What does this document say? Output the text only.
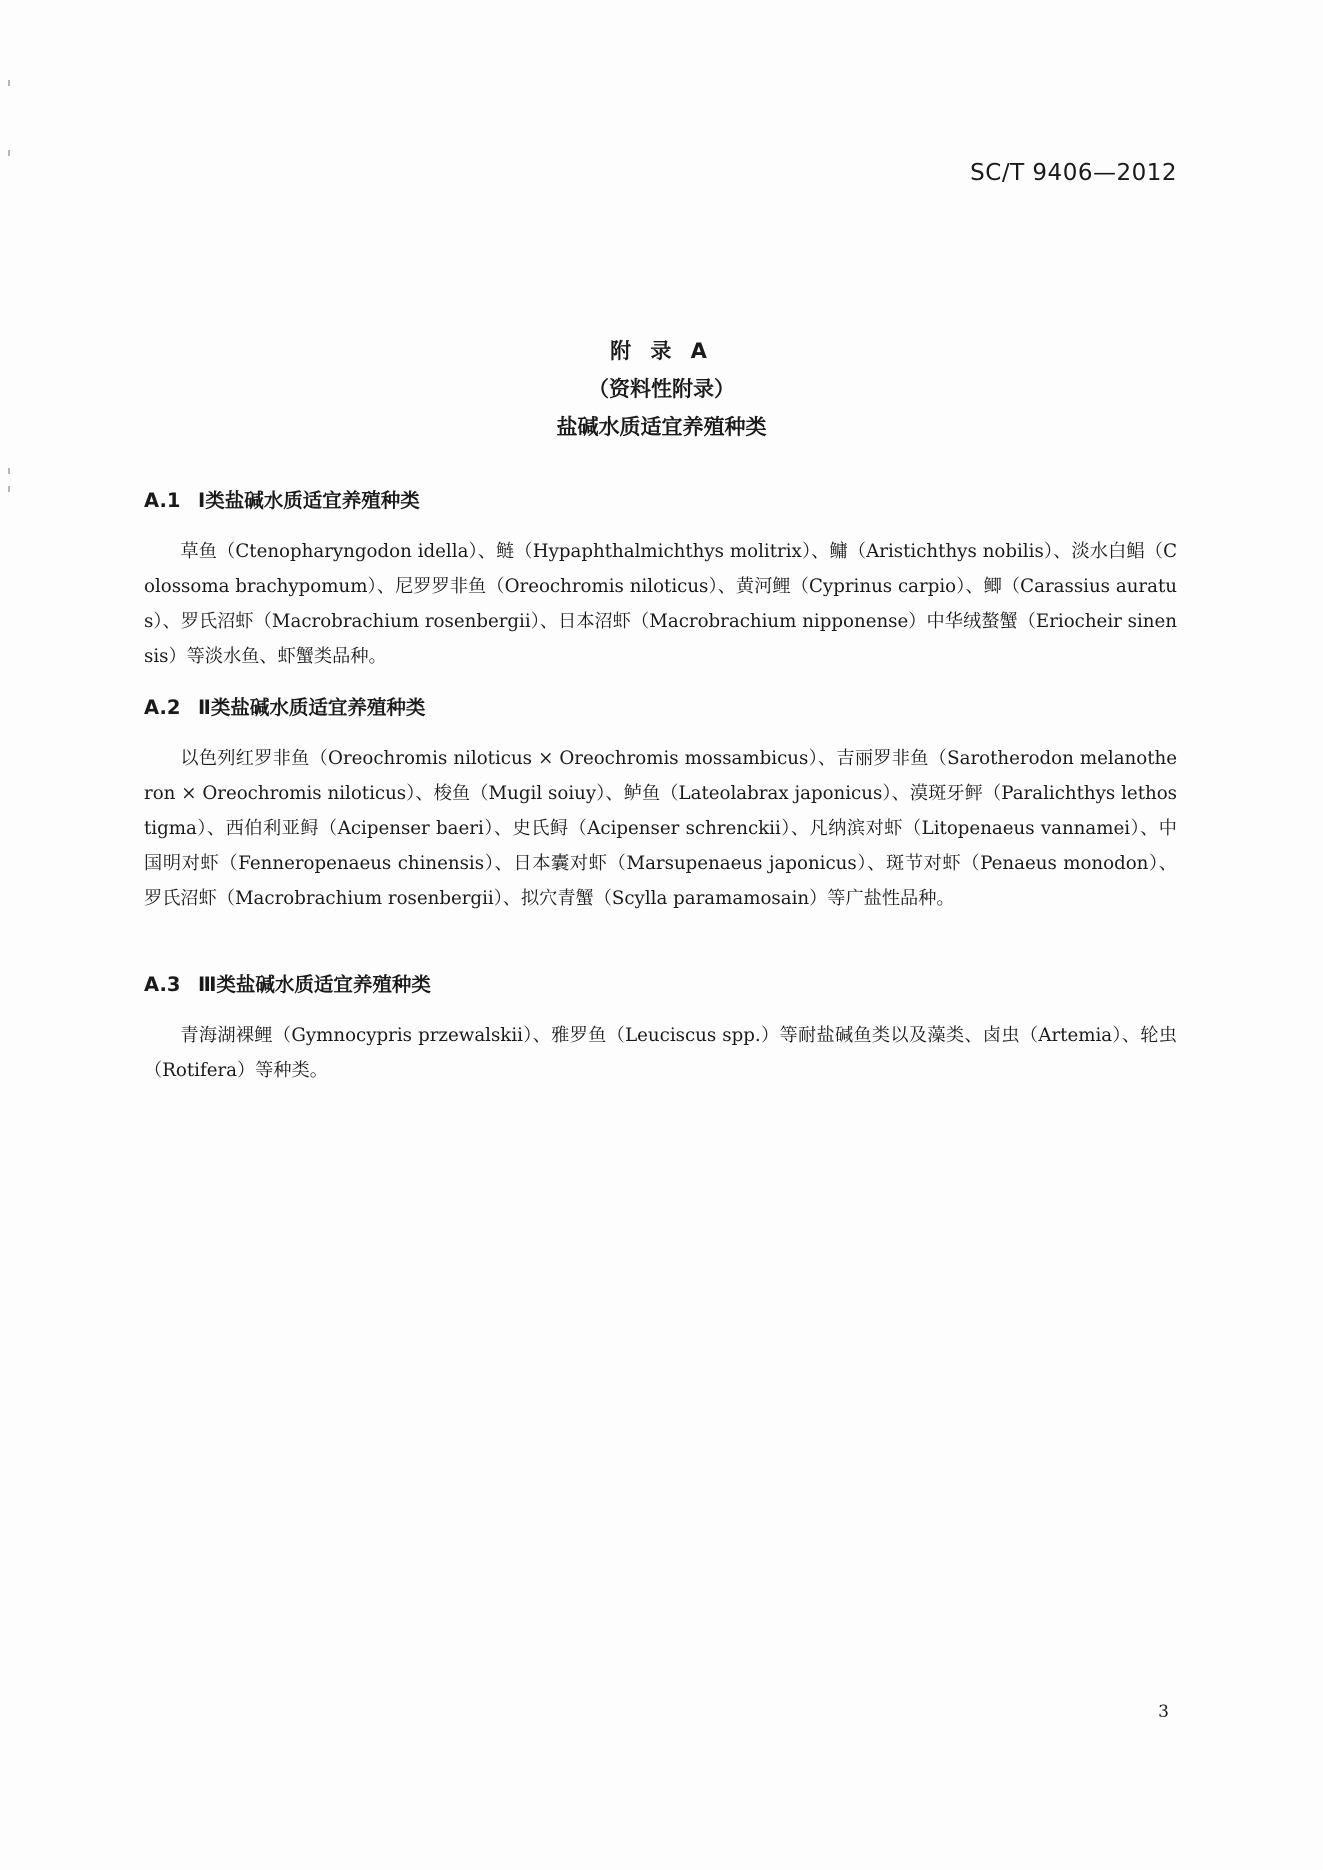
SC/T 9406—2012
附 录 A
（资料性附录）
盐碱水质适宜养殖种类
A.1 Ⅰ类盐碱水质适宜养殖种类
草鱼（Ctenopharyngodon idella）、鲢（Hypaphthalmichthys molitrix）、鳙（Aristichthys nobilis）、淡水白鲳（Colossoma brachypomum）、尼罗罗非鱼（Oreochromis niloticus）、黄河鲤（Cyprinus carpio）、鲫（Carassius auratus）、罗氏沼虾（Macrobrachium rosenbergii）、日本沼虾（Macrobrachium nipponense）中华绒螯蟹（Eriocheir sinensis）等淡水鱼、虾蟹类品种。
A.2 Ⅱ类盐碱水质适宜养殖种类
以色列红罗非鱼（Oreochromis niloticus × Oreochromis mossambicus）、吉丽罗非鱼（Sarotherodon melanotheron × Oreochromis niloticus）、梭鱼（Mugil soiuy）、鲈鱼（Lateolabrax japonicus）、漠斑牙鲆（Paralichthys lethostigma）、西伯利亚鲟（Acipenser baeri）、史氏鲟（Acipenser schrenckii）、凡纳滨对虾（Litopenaeus vannamei）、中国明对虾（Fenneropenaeus chinensis）、日本囊对虾（Marsupenaeus japonicus）、斑节对虾（Penaeus monodon）、罗氏沼虾（Macrobrachium rosenbergii）、拟穴青蟹（Scylla paramamosain）等广盐性品种。
A.3 Ⅲ类盐碱水质适宜养殖种类
青海湖裸鲤（Gymnocypris przewalskii）、雅罗鱼（Leuciscus spp.）等耐盐碱鱼类以及藻类、卤虫（Artemia）、轮虫（Rotifera）等种类。
3
